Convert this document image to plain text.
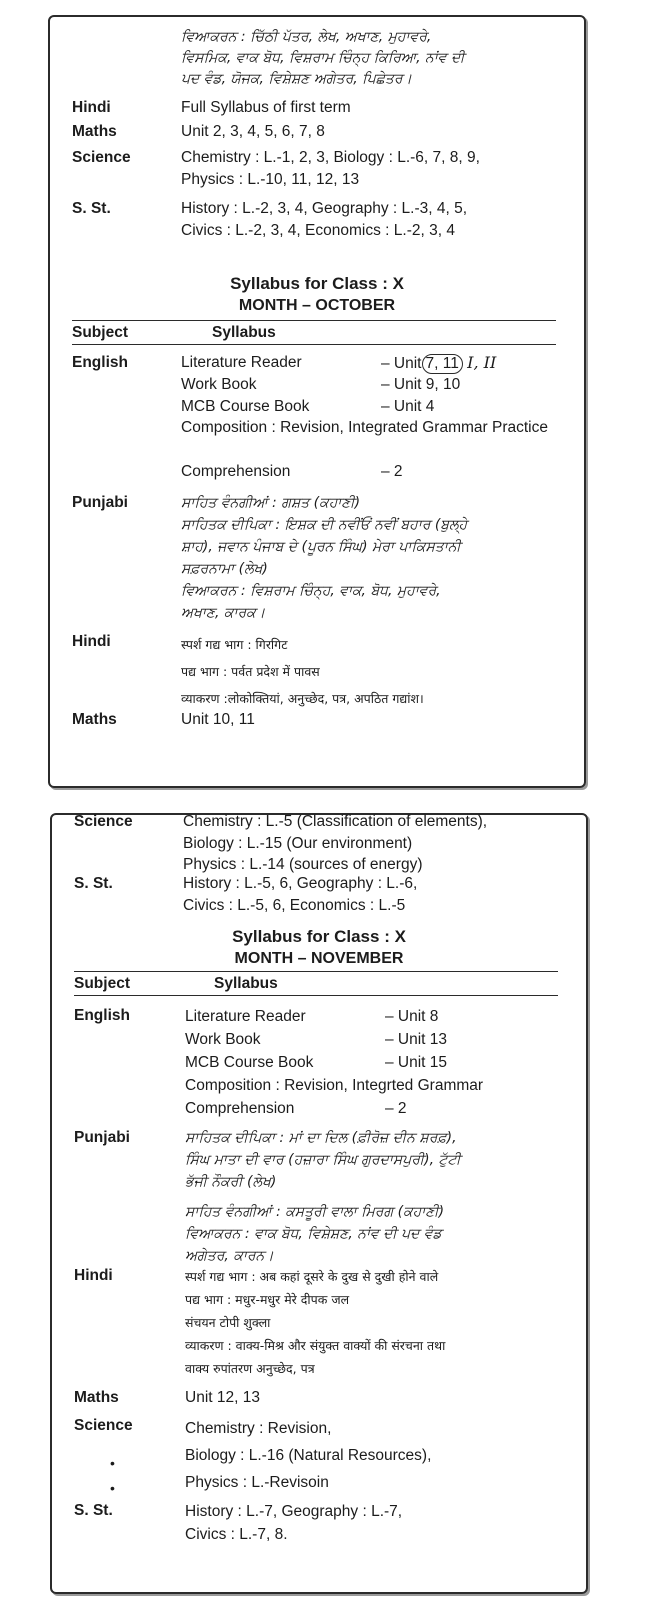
ਵਿਆਕਰਨ : ਚਿੱਠੀ ਪੱਤਰ, ਲੇਖ, ਅਖਾਣ, ਮੁਹਾਵਰੇ,
ਵਿਸਮਿਕ, ਵਾਕ ਬੋਧ, ਵਿਸ਼ਰਾਮ ਚਿੰਨ੍ਹ ਕਿਰਿਆ, ਨਾਂਵ ਦੀ
ਪਦ ਵੰਡ, ਯੋਜਕ, ਵਿਸ਼ੇਸ਼ਣ ਅਗੇਤਰ, ਪਿਛੇਤਰ।
Hindi	Full Syllabus of first term
Maths	Unit 2, 3, 4, 5, 6, 7, 8
Science	Chemistry : L.-1, 2, 3, Biology : L.-6, 7, 8, 9,
Physics : L.-10, 11, 12, 13
S. St.	History : L.-2, 3, 4, Geography : L.-3, 4, 5,
Civics : L.-2, 3, 4, Economics : L.-2, 3, 4
Syllabus for Class : X
MONTH – OCTOBER
Subject	Syllabus
English	Literature Reader	– Unit 7, 11 I, II
Work Book	– Unit 9, 10
MCB Course Book	– Unit 4
Composition : Revision, Integrated Grammar Practice
Comprehension	– 2
Punjabi	ਸਾਹਿਤ ਵੰਨਗੀਆਂ : ਗਸ਼ਤ (ਕਹਾਣੀ)
ਸਾਹਿਤਕ ਦੀਪਿਕਾ : ਇਸ਼ਕ ਦੀ ਨਵੀਂਓਂ ਨਵੀਂ ਬਹਾਰ (ਬੁਲ੍ਹੇ
ਸ਼ਾਹ), ਜਵਾਨ ਪੰਜਾਬ ਦੇ (ਪੂਰਨ ਸਿੰਘ) ਮੇਰਾ ਪਾਕਿਸਤਾਨੀ
ਸਫ਼ਰਨਾਮਾ (ਲੇਖ)
ਵਿਆਕਰਨ : ਵਿਸ਼ਰਾਮ ਚਿੰਨ੍ਹ, ਵਾਕ, ਬੋਧ, ਮੁਹਾਵਰੇ,
ਅਖਾਣ, ਕਾਰਕ।
Hindi	स्पर्श गद्य भाग : गिरगिट
पद्य भाग : पर्वत प्रदेश में पावस
व्याकरण :लोकोक्तियां, अनुच्छेद, पत्र, अपठित गद्यांश।
Maths	Unit 10, 11
Science	Chemistry : L.-5 (Classification of elements),
Biology : L.-15 (Our environment)
Physics : L.-14 (sources of energy)
S. St.	History : L.-5, 6, Geography : L.-6,
Civics : L.-5, 6, Economics : L.-5
Syllabus for Class : X
MONTH – NOVEMBER
Subject	Syllabus
English	Literature Reader	– Unit 8
Work Book	– Unit 13
MCB Course Book	– Unit 15
Composition : Revision, Integrted Grammar
Comprehension	– 2
Punjabi	ਸਾਹਿਤਕ ਦੀਪਿਕਾ : ਮਾਂ ਦਾ ਦਿਲ (ਫ਼ੀਰੋਜ਼ ਦੀਨ ਸ਼ਰਫ਼),
ਸਿੰਘ ਮਾਤਾ ਦੀ ਵਾਰ (ਹਜ਼ਾਰਾ ਸਿੰਘ ਗੁਰਦਾਸਪੁਰੀ), ਟੁੱਟੀ
ਭੱਜੀ ਨੌਕਰੀ (ਲੇਖ)
ਸਾਹਿਤ ਵੰਨਗੀਆਂ : ਕਸਤੂਰੀ ਵਾਲਾ ਮਿਰਗ (ਕਹਾਣੀ)
ਵਿਆਕਰਨ : ਵਾਕ ਬੋਧ, ਵਿਸ਼ੇਸ਼ਣ, ਨਾਂਵ ਦੀ ਪਦ ਵੰਡ
ਅਗੇਤਰ, ਕਾਰਨ।
Hindi	स्पर्श गद्य भाग : अब कहां दूसरे के दुख से दुखी होने वाले
पद्य भाग : मधुर-मधुर मेरे दीपक जल
संचयन टोपी शुक्ला
व्याकरण : वाक्य-मिश्र और संयुक्त वाक्यों की संरचना तथा
वाक्य रुपांतरण अनुच्छेद, पत्र
Maths	Unit 12, 13
Science	Chemistry : Revision,
Biology : L.-16 (Natural Resources),
Physics : L.-Revisoin
•
•
S. St.	History : L.-7, Geography : L.-7,
Civics : L.-7, 8.
